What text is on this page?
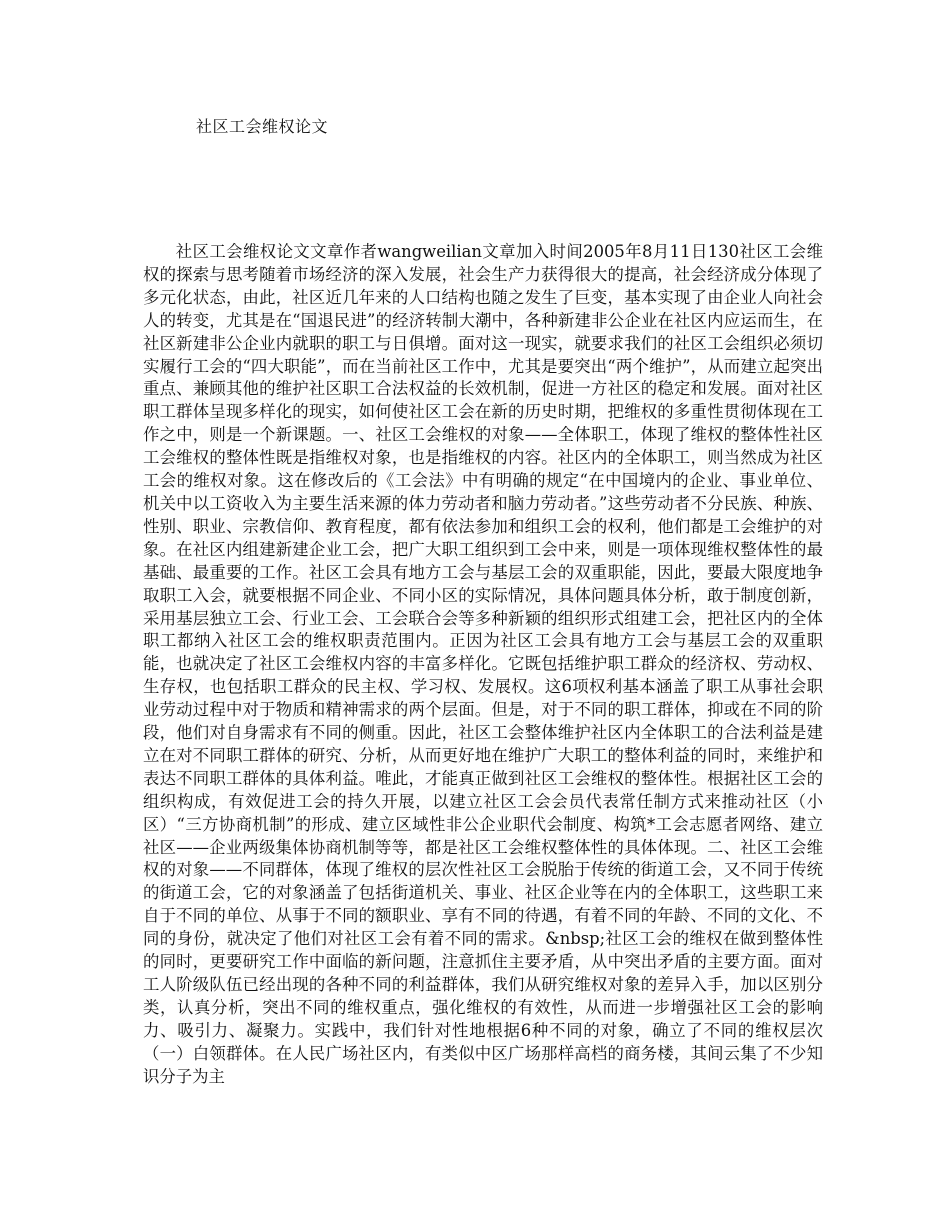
社区工会维权论文

社区工会维权论文文章作者wangweilian文章加入时间2005年8月11日130社区工会维权的探索与思考随着市场经济的深入发展，社会生产力获得很大的提高，社会经济成分体现了多元化状态，由此，社区近几年来的人口结构也随之发生了巨变，基本实现了由企业人向社会人的转变，尤其是在“国退民进”的经济转制大潮中，各种新建非公企业在社区内应运而生，在社区新建非公企业内就职的职工与日俱增。面对这一现实，就要求我们的社区工会组织必须切实履行工会的“四大职能”，而在当前社区工作中，尤其是要突出“两个维护”，从而建立起突出重点、兼顾其他的维护社区职工合法权益的长效机制，促进一方社区的稳定和发展。面对社区职工群体呈现多样化的现实，如何使社区工会在新的历史时期，把维权的多重性贯彻体现在工作之中，则是一个新课题。一、社区工会维权的对象——全体职工，体现了维权的整体性社区工会维权的整体性既是指维权对象，也是指维权的内容。社区内的全体职工，则当然成为社区工会的维权对象。这在修改后的《工会法》中有明确的规定“在中国境内的企业、事业单位、机关中以工资收入为主要生活来源的体力劳动者和脑力劳动者。”这些劳动者不分民族、种族、性别、职业、宗教信仰、教育程度，都有依法参加和组织工会的权利，他们都是工会维护的对象。在社区内组建新建企业工会，把广大职工组织到工会中来，则是一项体现维权整体性的最基础、最重要的工作。社区工会具有地方工会与基层工会的双重职能，因此，要最大限度地争取职工入会，就要根据不同企业、不同小区的实际情况，具体问题具体分析，敢于制度创新，采用基层独立工会、行业工会、工会联合会等多种新颖的组织形式组建工会，把社区内的全体职工都纳入社区工会的维权职责范围内。正因为社区工会具有地方工会与基层工会的双重职能，也就决定了社区工会维权内容的丰富多样化。它既包括维护职工群众的经济权、劳动权、生存权，也包括职工群众的民主权、学习权、发展权。这6项权利基本涵盖了职工从事社会职业劳动过程中对于物质和精神需求的两个层面。但是，对于不同的职工群体，抑或在不同的阶段，他们对自身需求有不同的侧重。因此，社区工会整体维护社区内全体职工的合法利益是建立在对不同职工群体的研究、分析，从而更好地在维护广大职工的整体利益的同时，来维护和表达不同职工群体的具体利益。唯此，才能真正做到社区工会维权的整体性。根据社区工会的组织构成，有效促进工会的持久开展，以建立社区工会会员代表常任制方式来推动社区（小区）“三方协商机制”的形成、建立区域性非公企业职代会制度、构筑*工会志愿者网络、建立社区——企业两级集体协商机制等等，都是社区工会维权整体性的具体体现。二、社区工会维权的对象——不同群体，体现了维权的层次性社区工会脱胎于传统的街道工会，又不同于传统的街道工会，它的对象涵盖了包括街道机关、事业、社区企业等在内的全体职工，这些职工来自于不同的单位、从事于不同的额职业、享有不同的待遇，有着不同的年龄、不同的文化、不同的身份，就决定了他们对社区工会有着不同的需求。&nbsp;社区工会的维权在做到整体性的同时，更要研究工作中面临的新问题，注意抓住主要矛盾，从中突出矛盾的主要方面。面对工人阶级队伍已经出现的各种不同的利益群体，我们从研究维权对象的差异入手，加以区别分类，认真分析，突出不同的维权重点，强化维权的有效性，从而进一步增强社区工会的影响力、吸引力、凝聚力。实践中，我们针对性地根据6种不同的对象，确立了不同的维权层次（一）白领群体。在人民广场社区内，有类似中区广场那样高档的商务楼，其间云集了不少知识分子为主
